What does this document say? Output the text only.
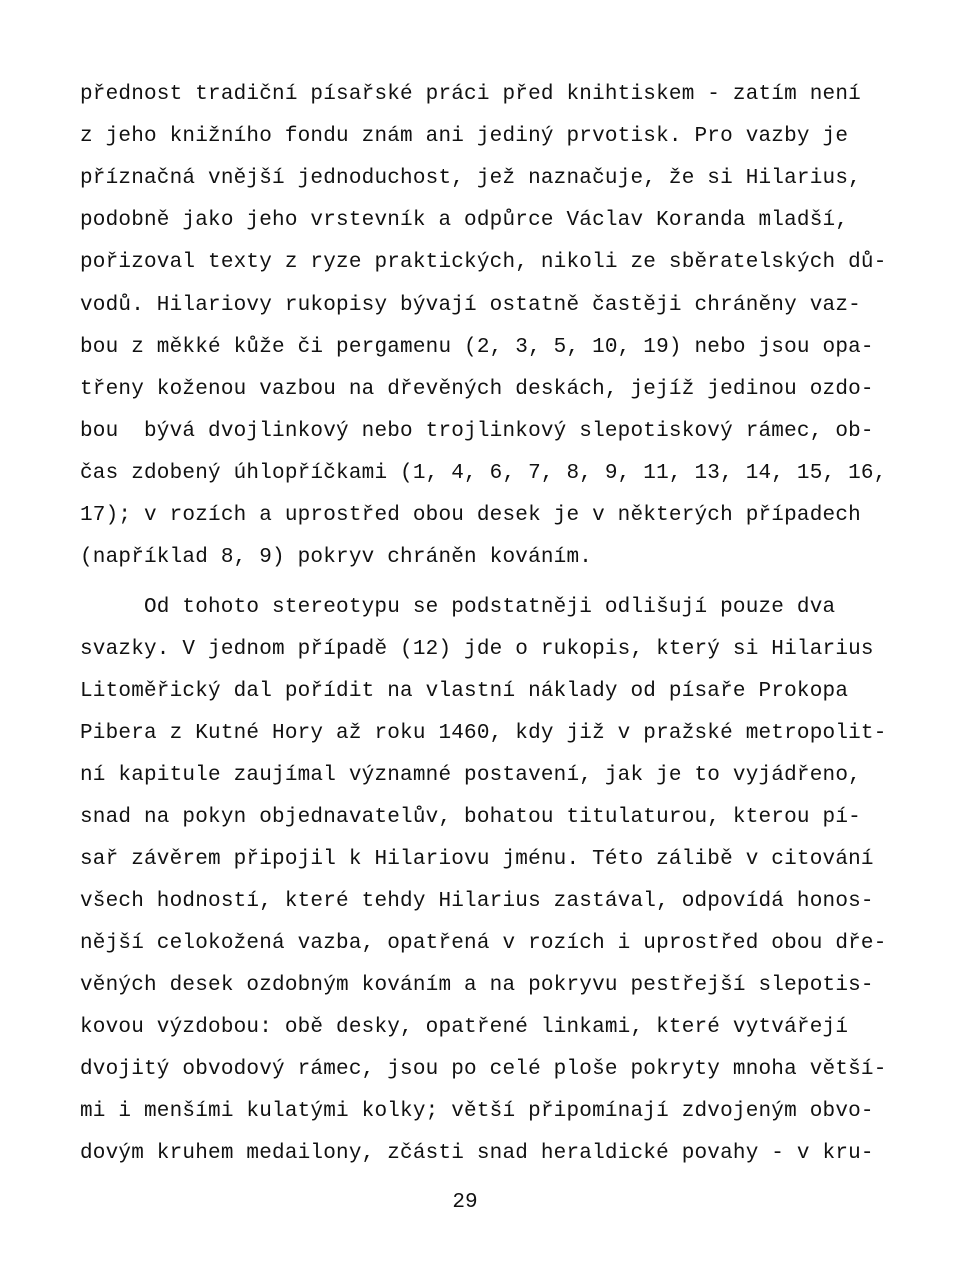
přednost tradiční písařské práci před knihtiskem - zatím není
z jeho knižního fondu znám ani jediný prvotisk. Pro vazby je
příznačná vnější jednoduchost, jež naznačuje, že si Hilarius,
podobně jako jeho vrstevník a odpůrce Václav Koranda mladší,
pořizoval texty z ryze praktických, nikoli ze sběratelských dů-
vodů. Hilariovy rukopisy bývají ostatně častěji chráněny vaz-
bou z měkké kůže či pergamenu (2, 3, 5, 10, 19) nebo jsou opa-
třeny koženou vazbou na dřevěných deskách, jejíž jedinou ozdo-
bou  bývá dvojlinkový nebo trojlinkový slepotiskový rámec, ob-
čas zdobený úhlopříčkami (1, 4, 6, 7, 8, 9, 11, 13, 14, 15, 16,
17); v rozích a uprostřed obou desek je v některých případech
(například 8, 9) pokryv chráněn kováním.
Od tohoto stereotypu se podstatněji odlišují pouze dva
svazky. V jednom případě (12) jde o rukopis, který si Hilarius
Litoměřický dal pořídit na vlastní náklady od písaře Prokopa
Pibera z Kutné Hory až roku 1460, kdy již v pražské metropolit-
ní kapitule zaujímal významné postavení, jak je to vyjádřeno,
snad na pokyn objednavatelův, bohatou titulaturou, kterou pí-
sař závěrem připojil k Hilariovu jménu. Této zálibě v citování
všech hodností, které tehdy Hilarius zastával, odpovídá honos-
nější celokožená vazba, opatřená v rozích i uprostřed obou dře-
věných desek ozdobným kováním a na pokryvu pestřejší slepotis-
kovou výzdobou: obě desky, opatřené linkami, které vytvářejí
dvojitý obvodový rámec, jsou po celé ploše pokryty mnoha větší-
mi i menšími kulatými kolky; větší připomínají zdvojeným obvo-
dovým kruhem medailony, zčásti snad heraldické povahy - v kru-
29
